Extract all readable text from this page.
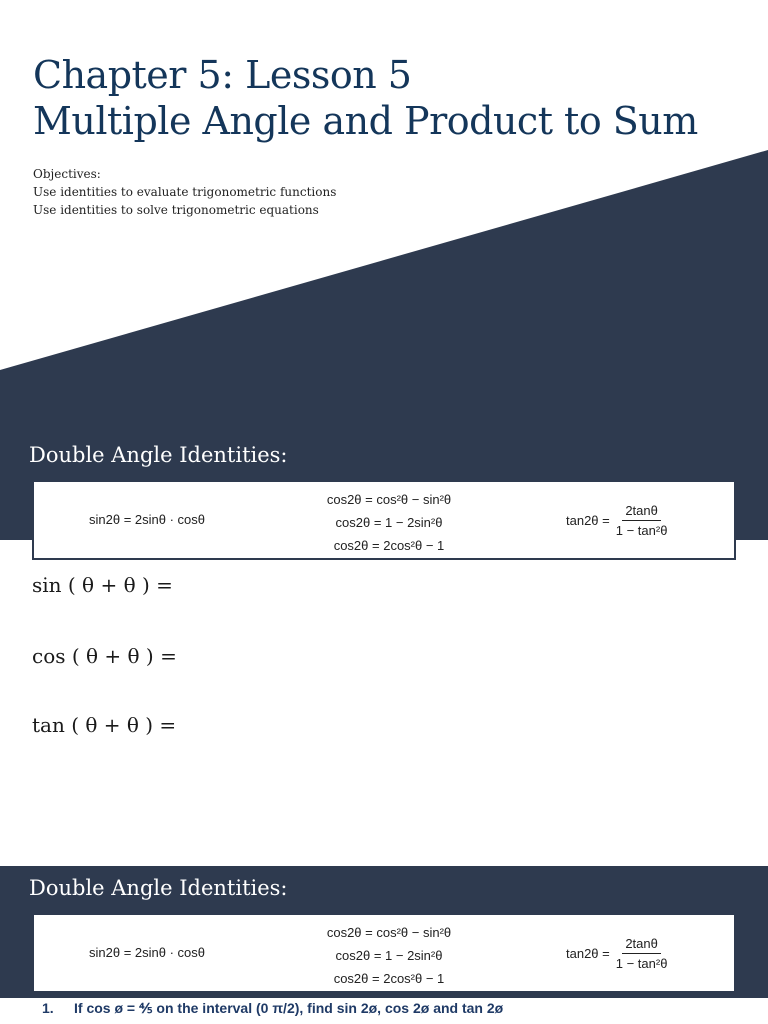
Chapter 5: Lesson 5
Multiple Angle and Product to Sum
Objectives:
Use identities to evaluate trigonometric functions
Use identities to solve trigonometric equations
Double Angle Identities:
sin2θ = 2sinθ · cosθ
cos2θ = cos²θ − sin²θ
cos2θ = 1 − 2sin²θ
cos2θ = 2cos²θ − 1
$\tan 2\theta = \frac{2\tan\theta}{\text{1 − tan²θ}}$
sin ( θ + θ ) =
cos ( θ + θ ) =
tan ( θ + θ ) =
Double Angle Identities:
sin2θ = 2sinθ · cosθ
cos2θ = cos²θ − sin²θ
cos2θ = 1 − 2sin²θ
cos2θ = 2cos²θ − 1
$\tan 2\theta = \frac{2\tan\theta}{\text{1 − tan²θ}}$
1. If cos ø = ⅘ on the interval (0 π/2), find sin 2ø, cos 2ø and tan 2ø
